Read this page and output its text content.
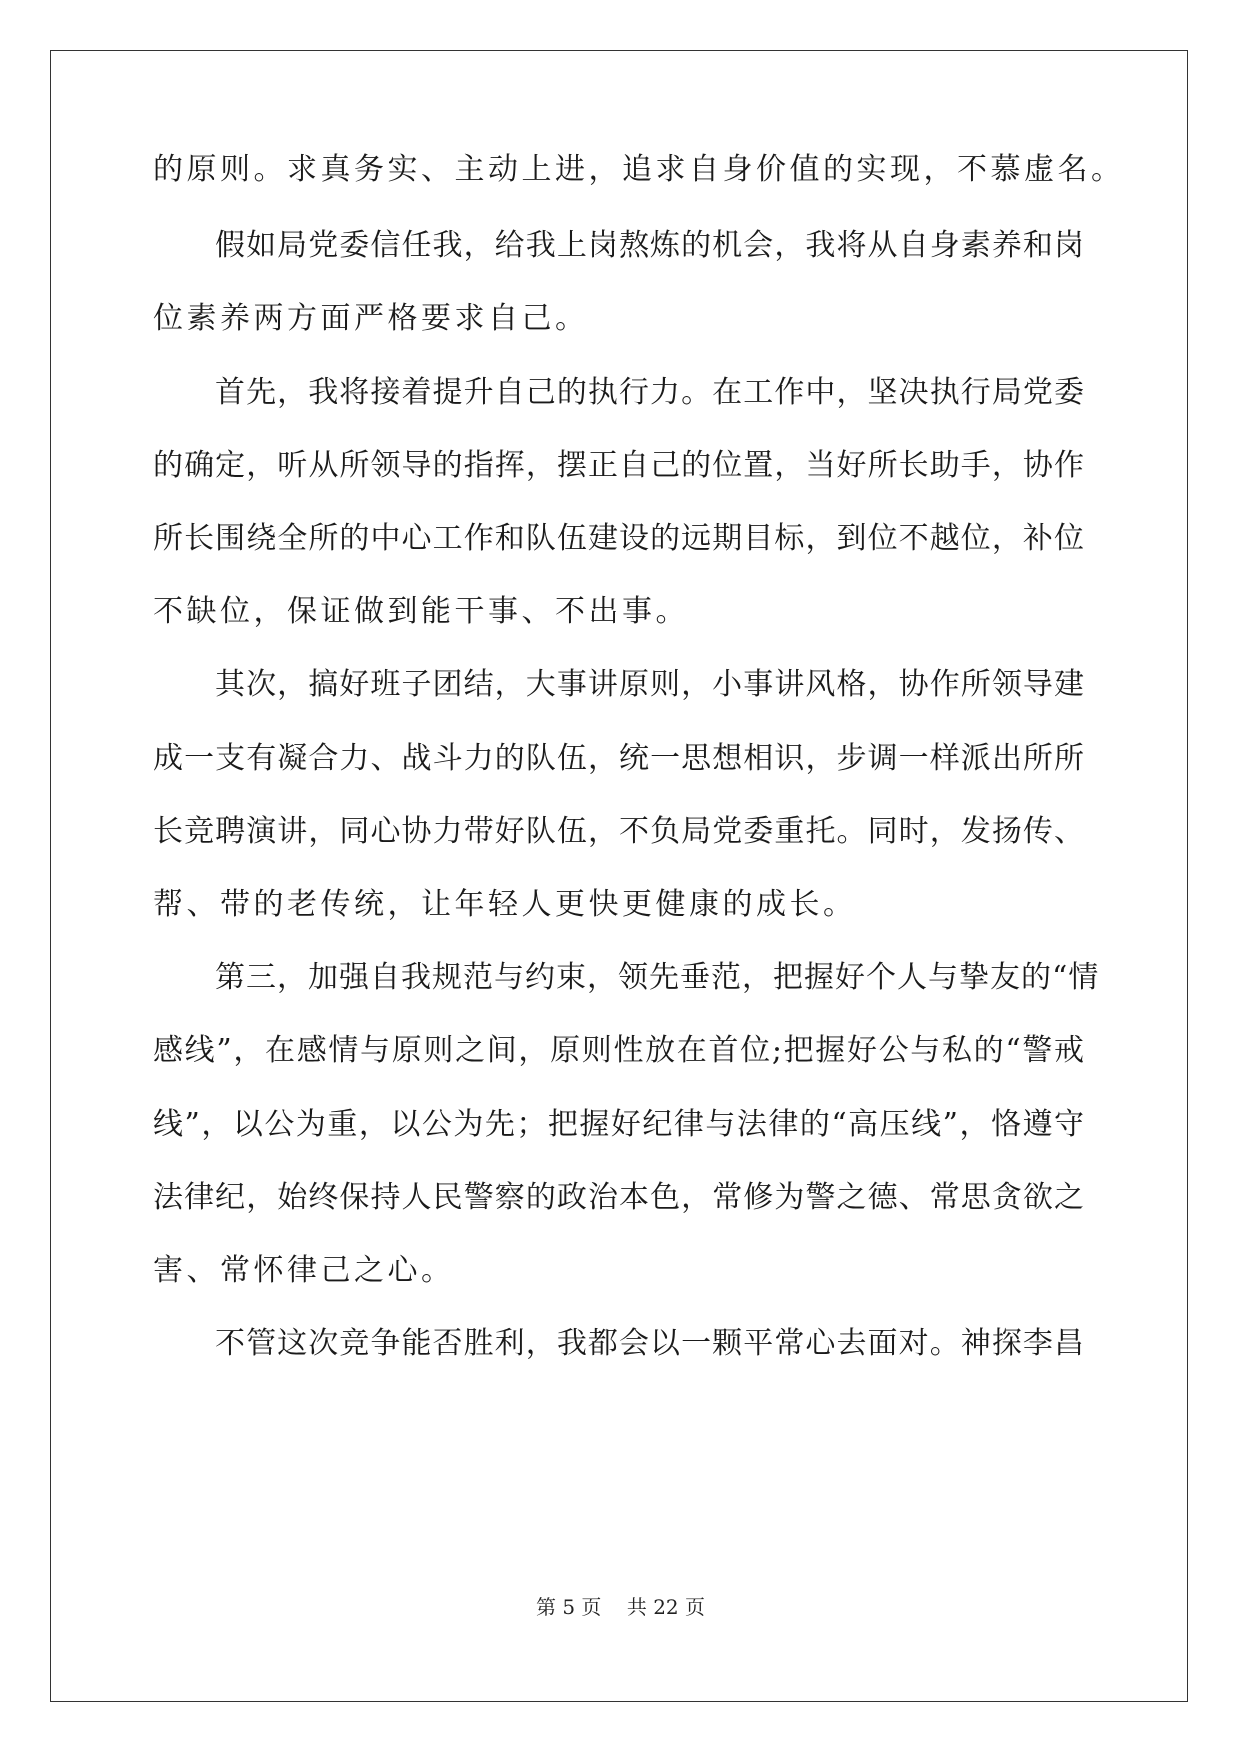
的原则。求真务实、主动上进，追求自身价值的实现，不慕虚名。
假如局党委信任我，给我上岗熬炼的机会，我将从自身素养和岗
位素养两方面严格要求自己。
首先，我将接着提升自己的执行力。在工作中，坚决执行局党委
的确定，听从所领导的指挥，摆正自己的位置，当好所长助手，协作
所长围绕全所的中心工作和队伍建设的远期目标，到位不越位，补位
不缺位，保证做到能干事、不出事。
其次，搞好班子团结，大事讲原则，小事讲风格，协作所领导建
成一支有凝合力、战斗力的队伍，统一思想相识，步调一样派出所所
长竞聘演讲，同心协力带好队伍，不负局党委重托。同时，发扬传、
帮、带的老传统，让年轻人更快更健康的成长。
第三，加强自我规范与约束，领先垂范，把握好个人与挚友的“情
感线”，在感情与原则之间，原则性放在首位;把握好公与私的“警戒
线”，以公为重，以公为先；把握好纪律与法律的“高压线”，恪遵守
法律纪，始终保持人民警察的政治本色，常修为警之德、常思贪欲之
害、常怀律己之心。
不管这次竞争能否胜利，我都会以一颗平常心去面对。神探李昌
第 5 页    共 22 页
